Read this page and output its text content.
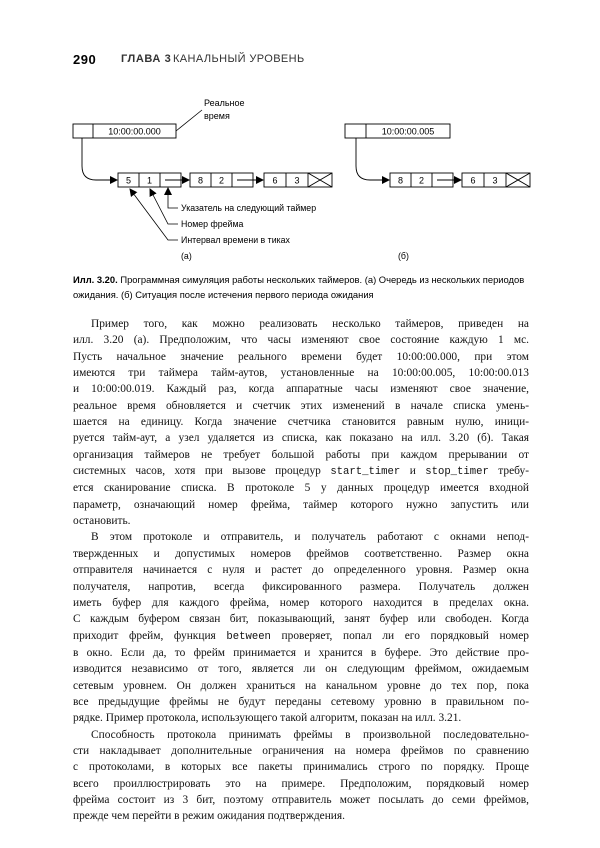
290 ГЛАВА 3 КАНАЛЬНЫЙ УРОВЕНЬ
Реальное
время
10:00:00.000
5 1	8 2	6 3
Указатель на следующий таймер
Номер фрейма
Интервал времени в тиках
(а)
10:00:00.005
8 2	6 3
(б)
Илл. 3.20. Программная симуляция работы нескольких таймеров. (а) Очередь из нескольких периодов
ожидания. (б) Ситуация после истечения первого периода ожидания
Пример того, как можно реализовать несколько таймеров, приведен на
илл. 3.20 (а). Предположим, что часы изменяют свое состояние каждую 1 мс.
Пусть начальное значение реального времени будет 10:00:00.000, при этом
имеются три таймера тайм-аутов, установленные на 10:00:00.005, 10:00:00.013
и 10:00:00.019. Каждый раз, когда аппаратные часы изменяют свое значение,
реальное время обновляется и счетчик этих изменений в начале списка умень-
шается на единицу. Когда значение счетчика становится равным нулю, иници-
руется тайм-аут, а узел удаляется из списка, как показано на илл. 3.20 (б). Такая
организация таймеров не требует большой работы при каждом прерывании от
системных часов, хотя при вызове процедур start_timer и stop_timer требу-
ется сканирование списка. В протоколе 5 у данных процедур имеется входной
параметр, означающий номер фрейма, таймер которого нужно запустить или
остановить.
В этом протоколе и отправитель, и получатель работают с окнами непод-
твержденных и допустимых номеров фреймов соответственно. Размер окна
отправителя начинается с нуля и растет до определенного уровня. Размер окна
получателя, напротив, всегда фиксированного размера. Получатель должен
иметь буфер для каждого фрейма, номер которого находится в пределах окна.
С каждым буфером связан бит, показывающий, занят буфер или свободен. Когда
приходит фрейм, функция between проверяет, попал ли его порядковый номер
в окно. Если да, то фрейм принимается и хранится в буфере. Это действие про-
изводится независимо от того, является ли он следующим фреймом, ожидаемым
сетевым уровнем. Он должен храниться на канальном уровне до тех пор, пока
все предыдущие фреймы не будут переданы сетевому уровню в правильном по-
рядке. Пример протокола, использующего такой алгоритм, показан на илл. 3.21.
Способность протокола принимать фреймы в произвольной последовательно-
сти накладывает дополнительные ограничения на номера фреймов по сравнению
с протоколами, в которых все пакеты принимались строго по порядку. Проще
всего проиллюстрировать это на примере. Предположим, порядковый номер
фрейма состоит из 3 бит, поэтому отправитель может посылать до семи фреймов,
прежде чем перейти в режим ожидания подтверждения.
